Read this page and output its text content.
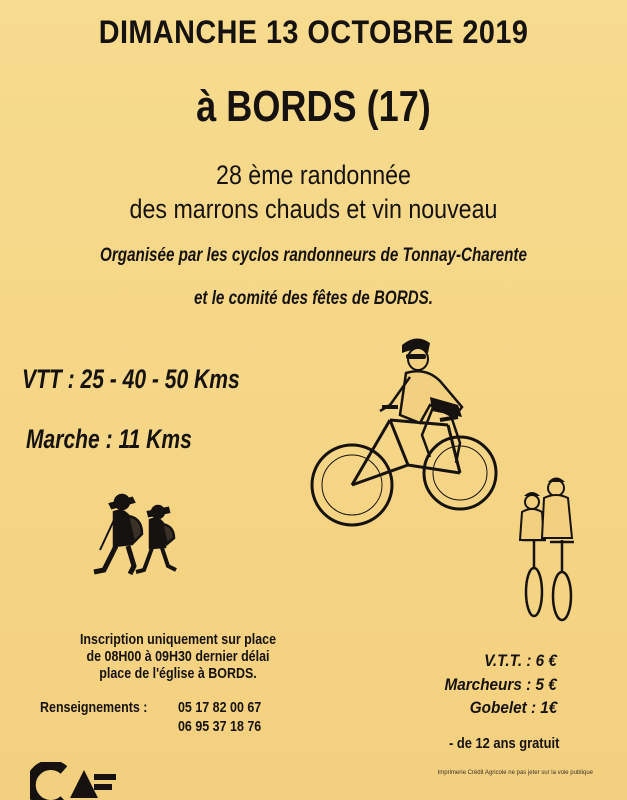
DIMANCHE 13 OCTOBRE 2019
à BORDS (17)
28 ème randonnée
des marrons chauds et vin nouveau
Organisée par les cyclos randonneurs de Tonnay-Charente
et le comité des fêtes de BORDS.
VTT : 25 - 40 - 50 Kms
Marche : 11 Kms
Inscription uniquement sur place
de 08H00 à 09H30 dernier délai
place de l'église à BORDS.
Renseignements : 05 17 82 00 67
06 95 37 18 76
V.T.T. : 6 €
Marcheurs : 5 €
Gobelet : 1€
- de 12 ans gratuit
Imprimerie Crédit Agricole ne pas jeter sur la voie publique
